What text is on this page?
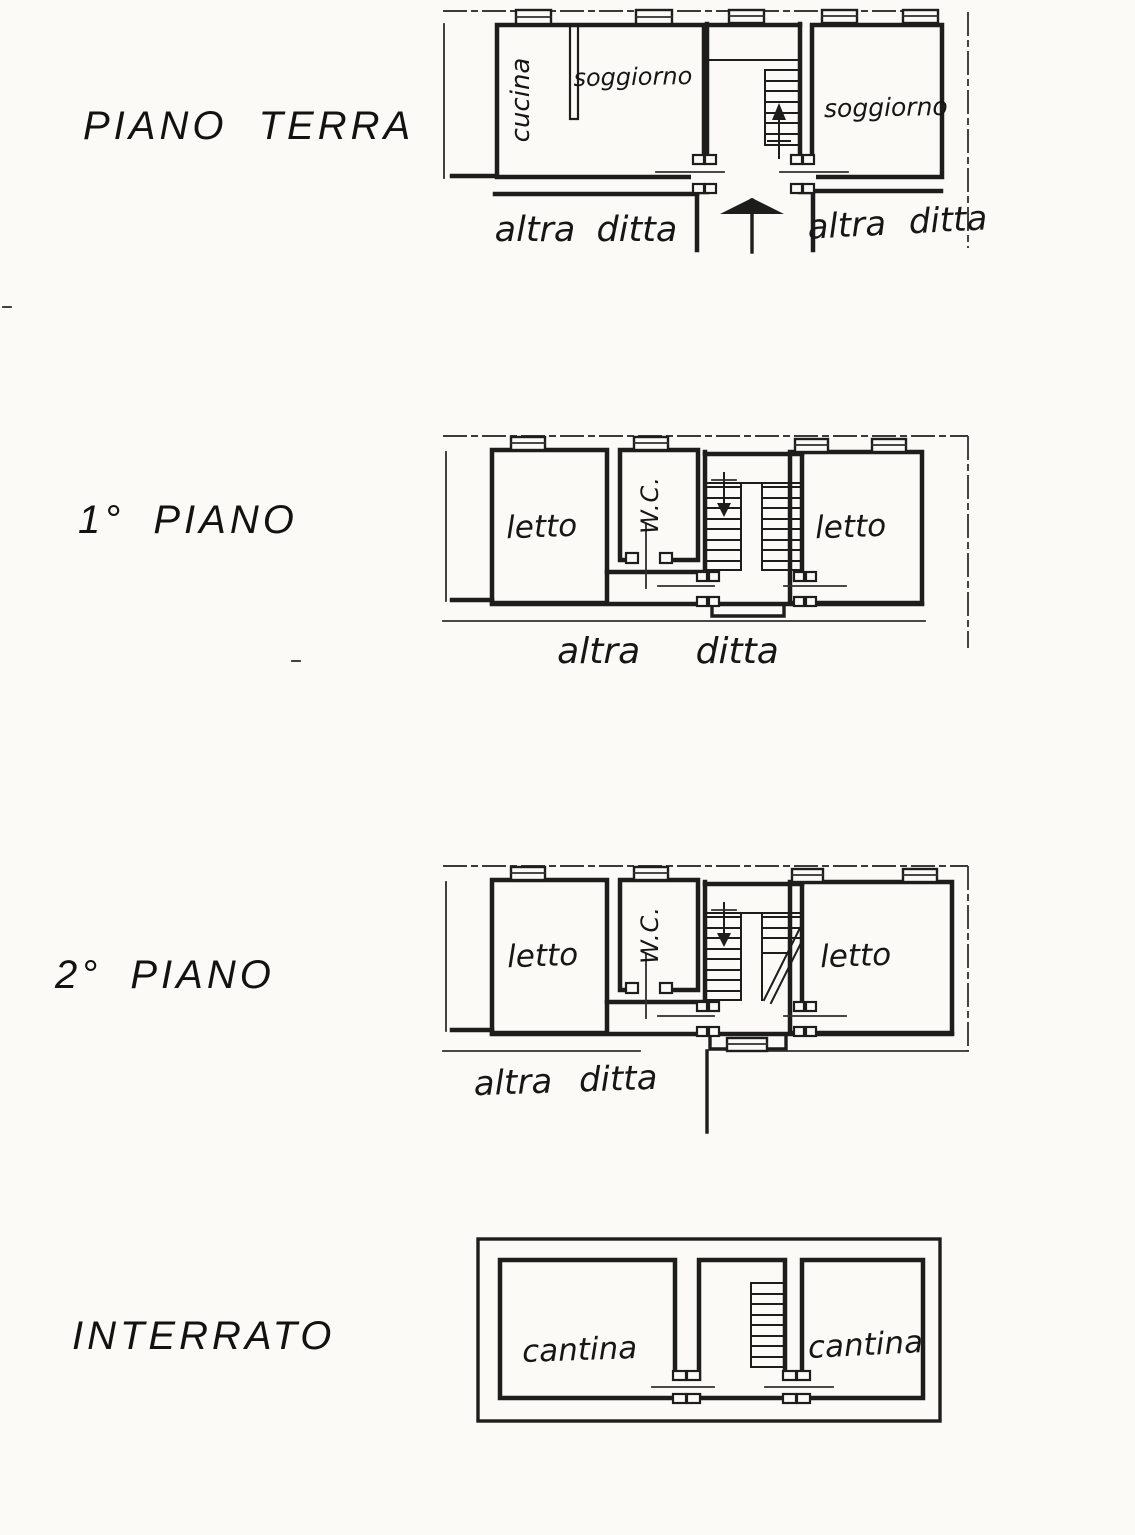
PIANO TERRA	cucina soggiorno
soggiorno
altra ditta	altra ditta
1° PIANO	letto W.C.	letto
altra ditta
2° PIANO	letto W.C.	letto
altra ditta
INTERRATO	cantina	cantina
